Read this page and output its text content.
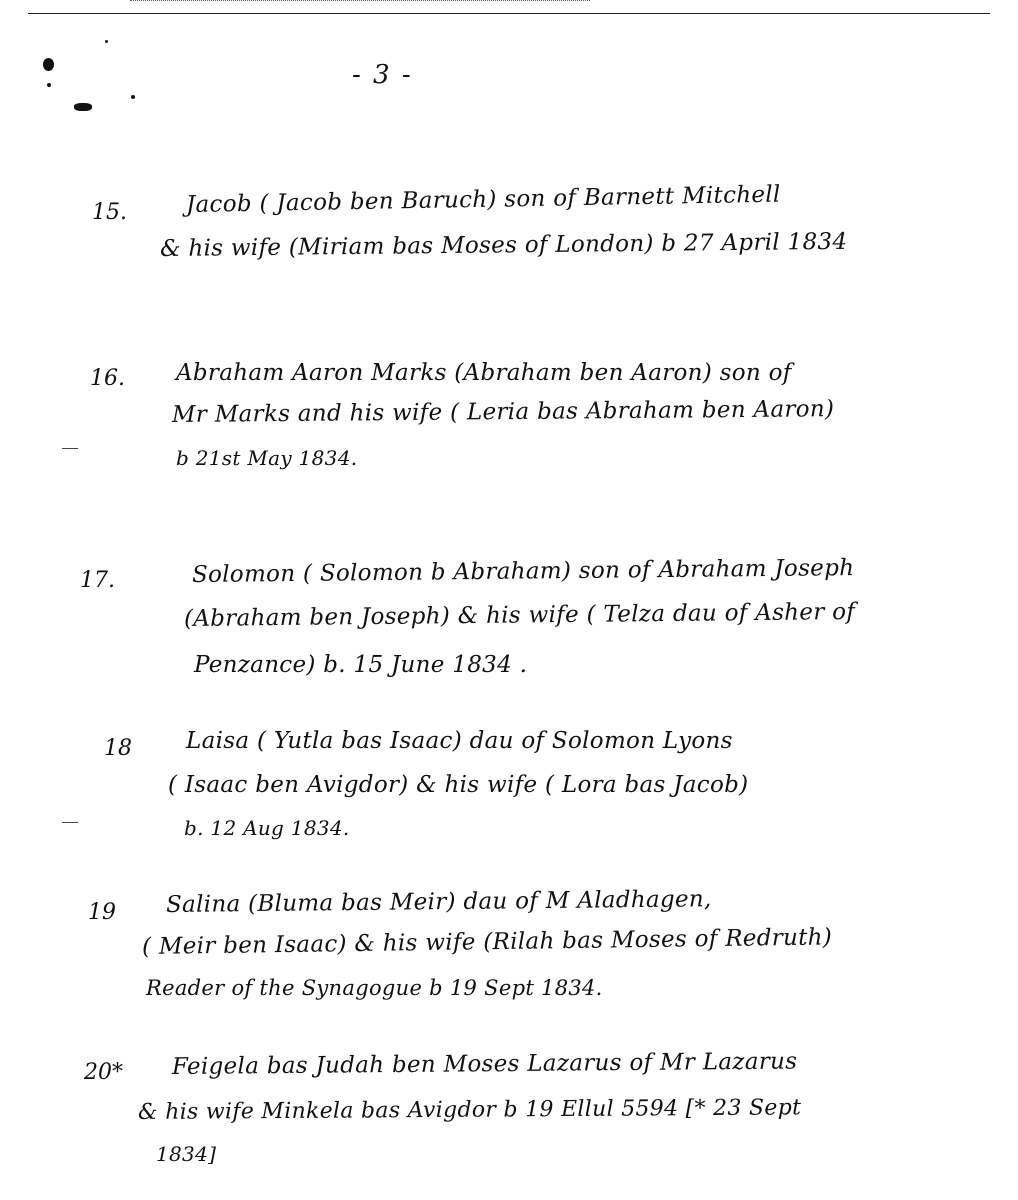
- 3 -
15.	Jacob ( Jacob ben Baruch) son of Barnett Mitchell
& his wife (Miriam bas Moses of London) b 27 April 1834
16. Abraham Aaron Marks (Abraham ben Aaron) son of
Mr Marks and his wife ( Leria bas Abraham ben Aaron)
b 21st May 1834.
17.	Solomon ( Solomon b Abraham) son of Abraham Joseph
(Abraham ben Joseph) & his wife ( Telza dau of Asher of
Penzance) b. 15 June 1834 .
18 Laisa ( Yutla bas Isaac) dau of Solomon Lyons
( Isaac ben Avigdor) & his wife ( Lora bas Jacob)
b. 12 Aug 1834.
19 Salina (Bluma bas Meir) dau of M Aladhagen,
( Meir ben Isaac) & his wife (Rilah bas Moses of Redruth)
Reader of the Synagogue b 19 Sept 1834.
20* Feigela bas Judah ben Moses Lazarus of Mr Lazarus
& his wife Minkela bas Avigdor b 19 Ellul 5594 [* 23 Sept
1834]
